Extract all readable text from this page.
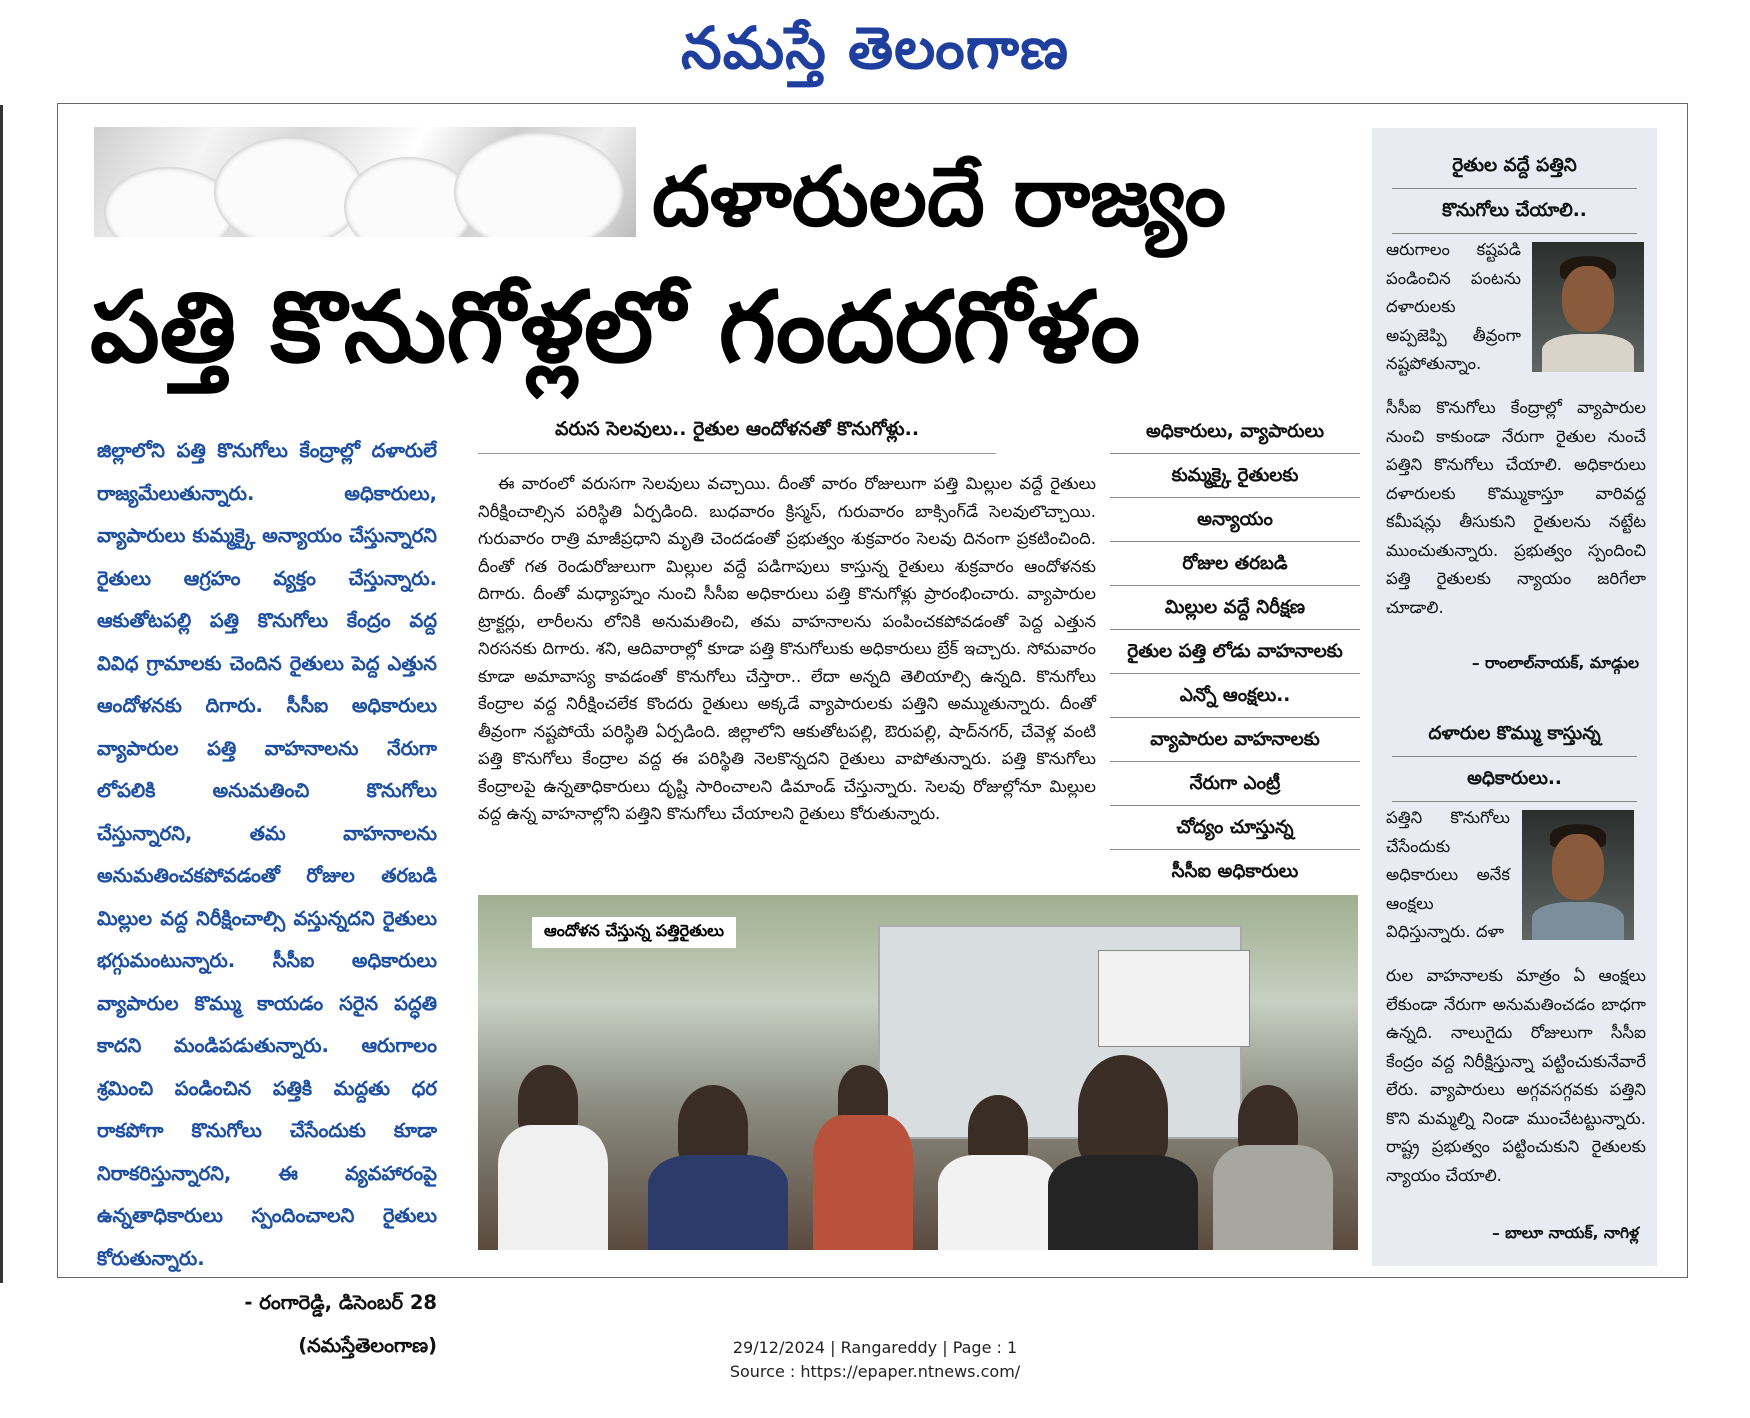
నమస్తే తెలంగాణ
దళారులదే రాజ్యం
పత్తి కొనుగోళ్లలో గందరగోళం

జిల్లాలోని పత్తి కొనుగోలు కేంద్రాల్లో దళారులే రాజ్యమేలుతున్నారు. అధికారులు, వ్యాపారులు కుమ్మక్కై అన్యాయం చేస్తున్నారని రైతులు ఆగ్రహం వ్యక్తం చేస్తున్నారు. ఆకుతోటపల్లి పత్తి కొనుగోలు కేంద్రం వద్ద వివిధ గ్రామాలకు చెందిన రైతులు పెద్ద ఎత్తున ఆందోళనకు దిగారు. సీసీఐ అధికారులు వ్యాపారుల పత్తి వాహనాలను నేరుగా లోపలికి అనుమతించి కొనుగోలు చేస్తున్నారని, తమ వాహనాలను అనుమతించకపోవడంతో రోజుల తరబడి మిల్లుల వద్ద నిరీక్షించాల్సి వస్తున్నదని రైతులు భగ్గుమంటున్నారు. సీసీఐ అధికారులు వ్యాపారుల కొమ్ము కాయడం సరైన పద్ధతి కాదని మండిపడుతున్నారు. ఆరుగాలం శ్రమించి పండించిన పత్తికి మద్దతు ధర రాకపోగా కొనుగోలు చేసేందుకు కూడా నిరాకరిస్తున్నారని, ఈ వ్యవహారంపై ఉన్నతాధికారులు స్పందించాలని రైతులు కోరుతున్నారు.

- రంగారెడ్డి, డిసెంబర్ 28
(నమస్తేతెలంగాణ)
వరుస సెలవులు.. రైతుల ఆందోళనతో కొనుగోళ్లు..

ఈ వారంలో వరుసగా సెలవులు వచ్చాయి. దీంతో వారం రోజులుగా పత్తి మిల్లుల వద్దే రైతులు నిరీక్షించాల్సిన పరిస్థితి ఏర్పడింది. బుధవారం క్రిస్మస్, గురువారం బాక్సింగ్‌డే సెలవులొచ్చాయి. గురువారం రాత్రి మాజీప్రధాని మృతి చెందడంతో ప్రభుత్వం శుక్రవారం సెలవు దినంగా ప్రకటించింది. దీంతో గత రెండురోజులుగా మిల్లుల వద్దే పడిగాపులు కాస్తున్న రైతులు శుక్రవారం ఆందోళనకు దిగారు. దీంతో మధ్యాహ్నం నుంచి సీసీఐ అధికారులు పత్తి కొనుగోళ్లు ప్రారంభించారు. వ్యాపారుల ట్రాక్టర్లు, లారీలను లోనికి అనుమతించి, తమ వాహనాలను పంపించకపోవడంతో పెద్ద ఎత్తున నిరసనకు దిగారు. శని, ఆదివారాల్లో కూడా పత్తి కొనుగోలుకు అధికారులు బ్రేక్ ఇచ్చారు. సోమవారం కూడా అమావాస్య కావడంతో కొనుగోలు చేస్తారా.. లేదా అన్నది తెలియాల్సి ఉన్నది. కొనుగోలు కేంద్రాల వద్ద నిరీక్షించలేక కొందరు రైతులు అక్కడే వ్యాపారులకు పత్తిని అమ్ముతున్నారు. దీంతో తీవ్రంగా నష్టపోయే పరిస్థితి ఏర్పడింది. జిల్లాలోని ఆకుతోటపల్లి, ఔరుపల్లి, షాద్‌నగర్, చేవెళ్ల వంటి పత్తి కొనుగోలు కేంద్రాల వద్ద ఈ పరిస్థితి నెలకొన్నదని రైతులు వాపోతున్నారు. పత్తి కొనుగోలు కేంద్రాలపై ఉన్నతాధికారులు దృష్టి సారించాలని డిమాండ్ చేస్తున్నారు. సెలవు రోజుల్లోనూ మిల్లుల వద్ద ఉన్న వాహనాల్లోని పత్తిని కొనుగోలు చేయాలని రైతులు కోరుతున్నారు.

అధికారులు, వ్యాపారులు
కుమ్మక్కై రైతులకు
అన్యాయం
రోజుల తరబడి
మిల్లుల వద్దే నిరీక్షణ
రైతుల పత్తి లోడు వాహనాలకు
ఎన్నో ఆంక్షలు..
వ్యాపారుల వాహనాలకు
నేరుగా ఎంట్రీ
చోద్యం చూస్తున్న
సీసీఐ అధికారులు
ఆందోళన చేస్తున్న పత్తిరైతులు
రైతుల వద్దే పత్తిని
కొనుగోలు చేయాలి..
ఆరుగాలం కష్టపడి పండించిన పంటను దళారులకు అప్పజెప్పి తీవ్రంగా నష్టపోతున్నాం.
సీసీఐ కొనుగోలు కేంద్రాల్లో వ్యాపారుల నుంచి కాకుండా నేరుగా రైతుల నుంచే పత్తిని కొనుగోలు చేయాలి. అధికారులు దళారులకు కొమ్ముకాస్తూ వారివద్ద కమీషన్లు తీసుకుని రైతులను నట్టేట ముంచుతున్నారు. ప్రభుత్వం స్పందించి పత్తి రైతులకు న్యాయం జరిగేలా చూడాలి.
– రాంలాల్‌నాయక్, మాడ్గుల
దళారుల కొమ్ము కాస్తున్న
అధికారులు..
పత్తిని కొనుగోలు చేసేందుకు అధికారులు అనేక ఆంక్షలు విధిస్తున్నారు. దళా
రుల వాహనాలకు మాత్రం ఏ ఆంక్షలు లేకుండా నేరుగా అనుమతించడం బాధగా ఉన్నది. నాలుగైదు రోజులుగా సీసీఐ కేంద్రం వద్ద నిరీక్షిస్తున్నా పట్టించుకునేవారే లేరు. వ్యాపారులు అగ్గవసగ్గవకు పత్తిని కొని మమ్మల్ని నిండా ముంచేటట్టున్నారు. రాష్ట్ర ప్రభుత్వం పట్టించుకుని రైతులకు న్యాయం చేయాలి.
– బాలూ నాయక్, నాగిళ్ల
29/12/2024 | Rangareddy | Page : 1
Source : https://epaper.ntnews.com/
